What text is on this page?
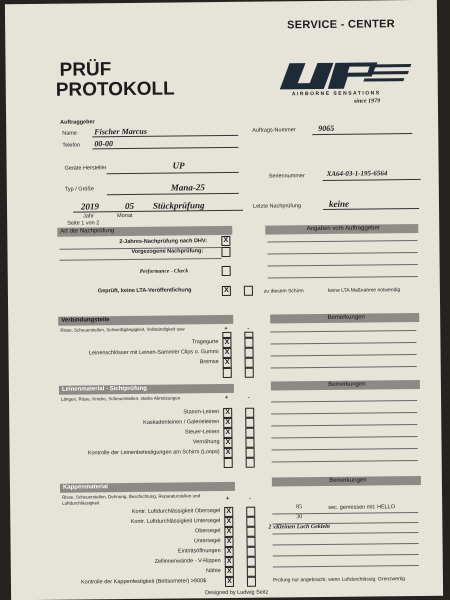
SERVICE - CENTER
PRÜF
PROTOKOLL	AIRBORNE SENSATIONS
since 1979
Auftraggeber
Name Fischer Marcus
Telefon 00-00
Auftrags-Nummer	9065
Geräte Hersteller	UP
Seriennummer	XA64-03-1-195-6564
Typ / Größe	Mana-25
2019	05 Stückprüfung
Jahr	Monat
Seite 1 von 2
Letzte Nachprüfung	keine
Art der Nachprüfung	Angaben vom Auftraggeber
2-Jahres-Nachprüfung nach DHV:	X
Vorgezogene Nachprüfung:
Performance - Check
Geprüft, keine LTA-Veröffentlichung	X	zu diesem Schirm	keine LTA Maßnahme notwendig
Verbindungsteile	Bemerkungen
Risse, Scheuerstellen, Schweißgängigkeit, Vollständigkeit usw	+	-
Tragegurte X
Leinenschlösser mit Leinen-Sammler Clips o. Gummi X
Bremse X
Leinenmaterial - Sichtprüfung
Bemerkungen
Längen, Risse, Knicke, Scheuerstellen, starke Abnutzungen	+	-
Stamm-Leinen X
Kaskadenleinen / Galerieleinen X
Steuer-Leinen X
Vernähung X
Kontrolle der Leinenbefestigungen am Schirm (Loops) X
Kappenmaterial
Bemerkungen
Risse, Scheuerstellen, Dehnung, Beschichtung, Reparaturstellen und Luftdurchlässigkeit
+	-
Kontr. Luftdurchlässigkeit Obersegel X
Kontr. Luftdurchlässigkeit Untersegel X
Obersegel X
Untersegel X
Eintrittsöffnungen X
Zellinnenwände - V-Rippen X
Nähte X
Kontrolle der Kappenfestigkeit (Bettsometer) >900$	X
85	sec. gemessen mit: HELLO
30
2 xKleinen Loch Geklebt
Prüfung nur angebracht, wenn Luftdurchlässig. Grenzwertig
Designed by Ludwig Seitz
